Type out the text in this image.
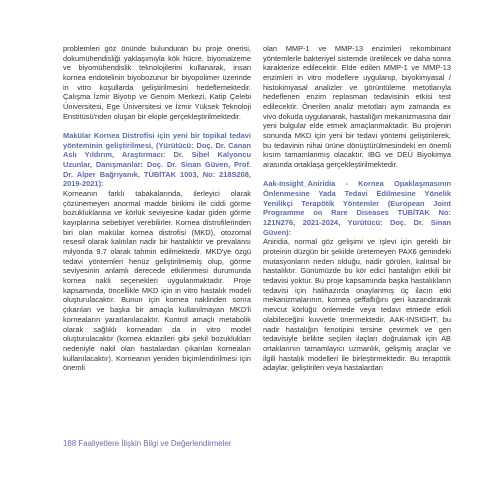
problemleri göz önünde bulunduran bu proje önerisi, dokumühendisliği yaklaşımıyla kök hücre, biyomalzeme ve biyomühendislik teknolojilerini kullanarak, insan kornea endotelinin biyobozunur bir biyopolimer üzerinde in vitro koşullarda geliştirilmesini hedeflemektedir. Çalışma İzmir Biyotıp ve Genom Merkezi, Katip Çelebi Üniversitesi, Ege Üniversitesi ve İzmir Yüksek Teknoloji Enstitüsü'nden oluşan bir ekiple gerçekleştirilmektedir.

Makülar Kornea Distrofisi için yeni bir topikal tedavi yönteminin geliştirilmesi, (Yürütücü: Doç. Dr. Canan Aslı Yıldırım, Araştırmacı: Dr. Sibel Kalyoncu Uzunlar, Danışmanlar: Doç. Dr. Sinan Güven, Prof. Dr. Alper Bağrıyanık, TÜBİTAK 1003, No: 218S208, 2019-2021):

Korneanın farklı tabakalarında, ilerleyici olarak çözünemeyen anormal madde birikimi ile ciddi görme bozukluklarına ve körlük seviyesine kadar giden görme kayıplarına sebebiyet verebilirler. Kornea distrofilerinden biri olan makülar kornea distrofisi (MKD), otozomal resesif olarak kalıtılan nadir bir hastalıktır ve prevalansı milyonda 9.7 olarak tahmin edilmektedir. MKD'ye özgü tedavi yöntemleri henüz geliştirilmemiş olup, görme seviyesinin anlamlı derecede etkilenmesi durumunda kornea nakli seçenekleri uygulanmaktadır. Proje kapsamında, öncellikle MKD için in vitro hastalık modeli oluşturulacaktır. Bunun için kornea naklinden sonra çıkarılan ve başka bir amaçla kullanılmayan MKD'li korneaların yararlanılacaktır. Kontrol amaçlı metabolik olarak sağlıklı korneadan da in vitro model oluşturulacaktır (kornea ektazileri gibi şekil bozuklukları nedeniyle nakil olan hastalardan çıkarılan korneaları kullanılacaktır). Korneanın yeniden biçimlendirilmesi için önemli

olan MMP-1 ve MMP-13 enzimleri rekombinant yöntemlerle bakteriyel sistemde üretilecek ve daha sonra karakterize edilecektir. Elde edilen MMP-1 ve MMP-13 enzimleri in vitro modellere uygulanıp, biyokimyasal / histokimyasal analizler ve görüntüleme metotlarıyla hedeflenen enzim replasman tedavisinin etkisi test edilecektir. Önerilen analiz metotları aynı zamanda ex vivo dokuda uygulanarak, hastalığın mekanizmasına dair yeni bulgular elde etmek amaçlanmaktadır. Bu projenin sonunda MKD için yeni bir tedavi yöntemi geliştirilerek, bu tedavinin nihai ürüne dönüştürülmesindeki en önemli kısım tamamlanmış olacaktır. IBG ve DEÜ Biyokimya arasında ortaklaşa gerçekleştirilmektedir.

Aak-Insight_Aniridia - Kornea Opaklaşmasının Önlenmesine Yada Tedavi Edilmesine Yönelik Yenilikçi Terapötik Yöntemler (European Joint Programme on Rare Diseases TÜBİTAK No: 121N276, 2021-2024, Yürütücü: Doç. Dr. Sinan Güven):

Aniridia, normal göz gelişimi ve işlevi için gerekli bir proteinin düzgün bir şekilde üretemeyen PAX6 genindeki mutasyonların neden olduğu, nadir görülen, kalıtsal bir hastalıktır. Günümüzde bu kör edici hastalığın etkili bir tedavisi yoktur. Bu proje kapsamında başka hastalıkların tedavisi için halihazırda onaylanmış üç ilacın etki mekanizmalarının, kornea şeffaflığını geri kazandırarak mevcut körlüğü önlemede veya tedavi etmede etkili olabileceğini kuvvetle önermektedir. AAK-INSIGHT, bu nadir hastalığın fenotipini tersine çevirmek ve gen tedavisiyle birlikte seçilen ilaçları doğrulamak için AB ortaklarının tamamlayıcı uzmanlık, gelişmiş araçlar ve ilgili hastalık modelleri ile birleştirmektedir. Bu terapötik adaylar, geliştirilen veya hastalardan

188 Faaliyetlere İlişkin Bilgi ve Değerlendirmeler
